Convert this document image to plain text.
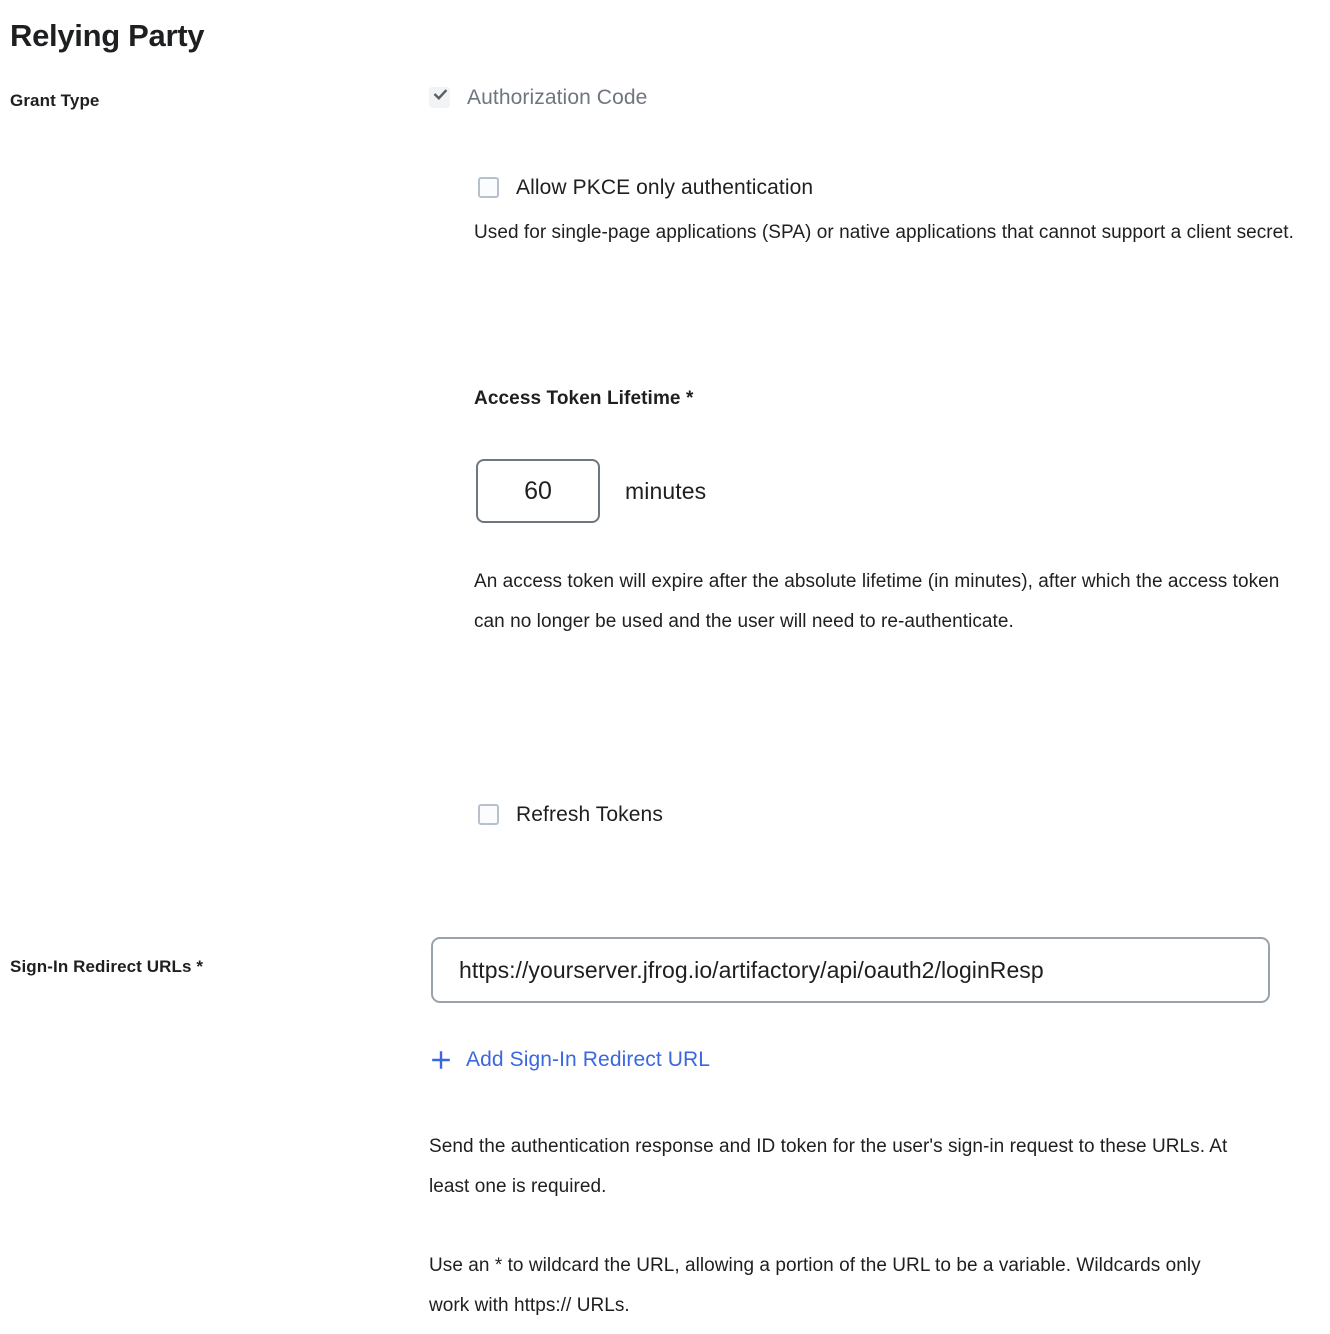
Relying Party
Grant Type	Authorization Code
Allow PKCE only authentication
Used for single-page applications (SPA) or native applications that cannot support a client secret.
Access Token Lifetime *
60	minutes
An access token will expire after the absolute lifetime (in minutes), after which the access token can no longer be used and the user will need to re-authenticate.
Refresh Tokens
Sign-In Redirect URLs *	https://yourserver.jfrog.io/artifactory/api/oauth2/loginResp
Add Sign-In Redirect URL
Send the authentication response and ID token for the user's sign-in request to these URLs. At least one is required.
Use an * to wildcard the URL, allowing a portion of the URL to be a variable. Wildcards only work with https:// URLs.
